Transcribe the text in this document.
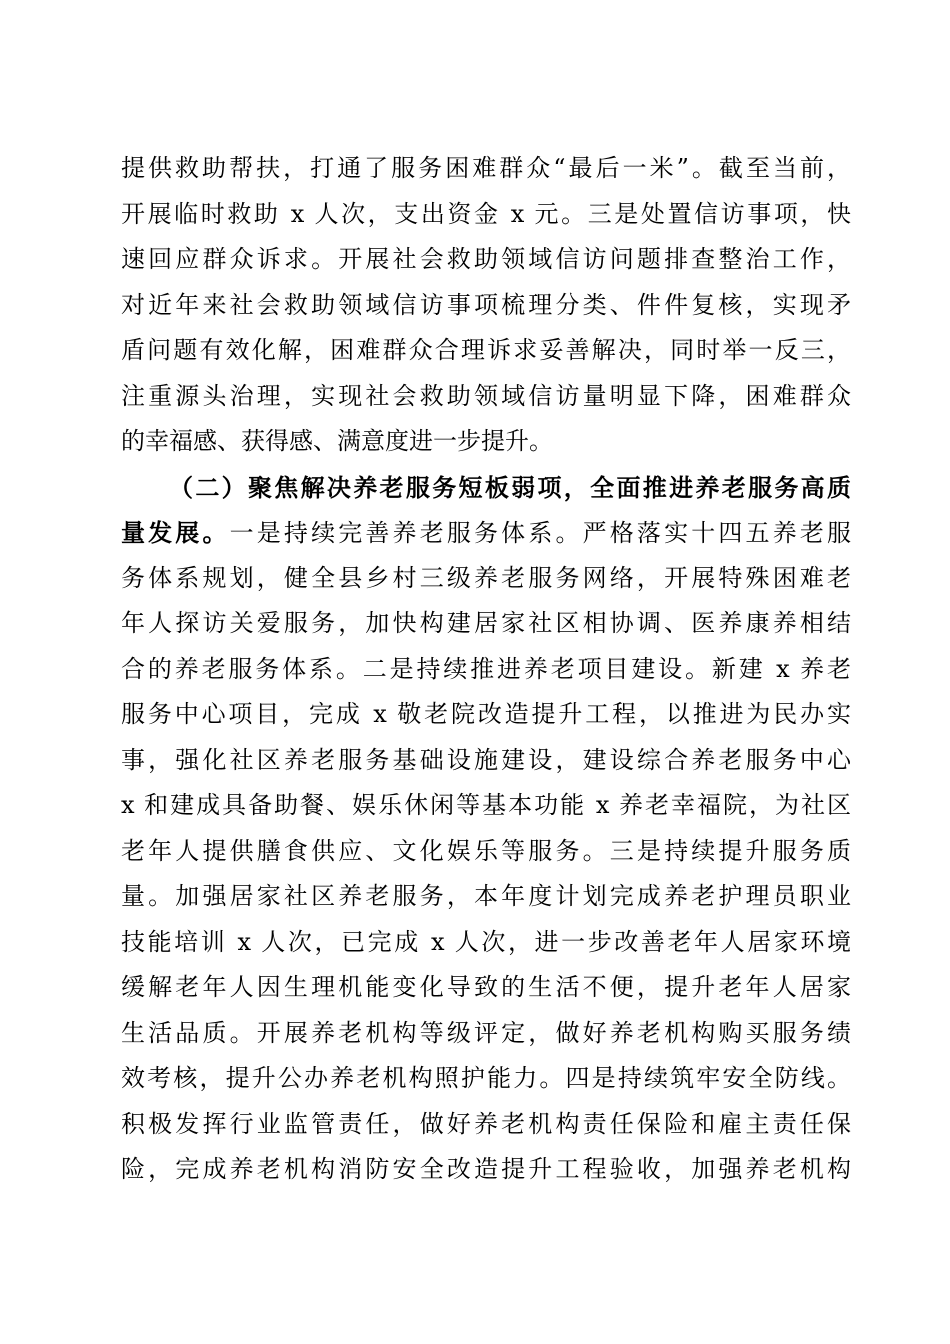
提供救助帮扶，打通了服务困难群众“最后一米”。截至当前，
开展临时救助 x 人次，支出资金 x 元。三是处置信访事项，快
速回应群众诉求。开展社会救助领域信访问题排查整治工作，
对近年来社会救助领域信访事项梳理分类、件件复核，实现矛
盾问题有效化解，困难群众合理诉求妥善解决，同时举一反三，
注重源头治理，实现社会救助领域信访量明显下降，困难群众
的幸福感、获得感、满意度进一步提升。
（二）聚焦解决养老服务短板弱项，全面推进养老服务高质
量发展。一是持续完善养老服务体系。严格落实十四五养老服
务体系规划，健全县乡村三级养老服务网络，开展特殊困难老
年人探访关爱服务，加快构建居家社区相协调、医养康养相结
合的养老服务体系。二是持续推进养老项目建设。新建 x 养老
服务中心项目，完成 x 敬老院改造提升工程，以推进为民办实
事，强化社区养老服务基础设施建设，建设综合养老服务中心
x 和建成具备助餐、娱乐休闲等基本功能 x 养老幸福院，为社区
老年人提供膳食供应、文化娱乐等服务。三是持续提升服务质
量。加强居家社区养老服务，本年度计划完成养老护理员职业
技能培训 x 人次，已完成 x 人次，进一步改善老年人居家环境
缓解老年人因生理机能变化导致的生活不便，提升老年人居家
生活品质。开展养老机构等级评定，做好养老机构购买服务绩
效考核，提升公办养老机构照护能力。四是持续筑牢安全防线。
积极发挥行业监管责任，做好养老机构责任保险和雇主责任保
险，完成养老机构消防安全改造提升工程验收，加强养老机构
